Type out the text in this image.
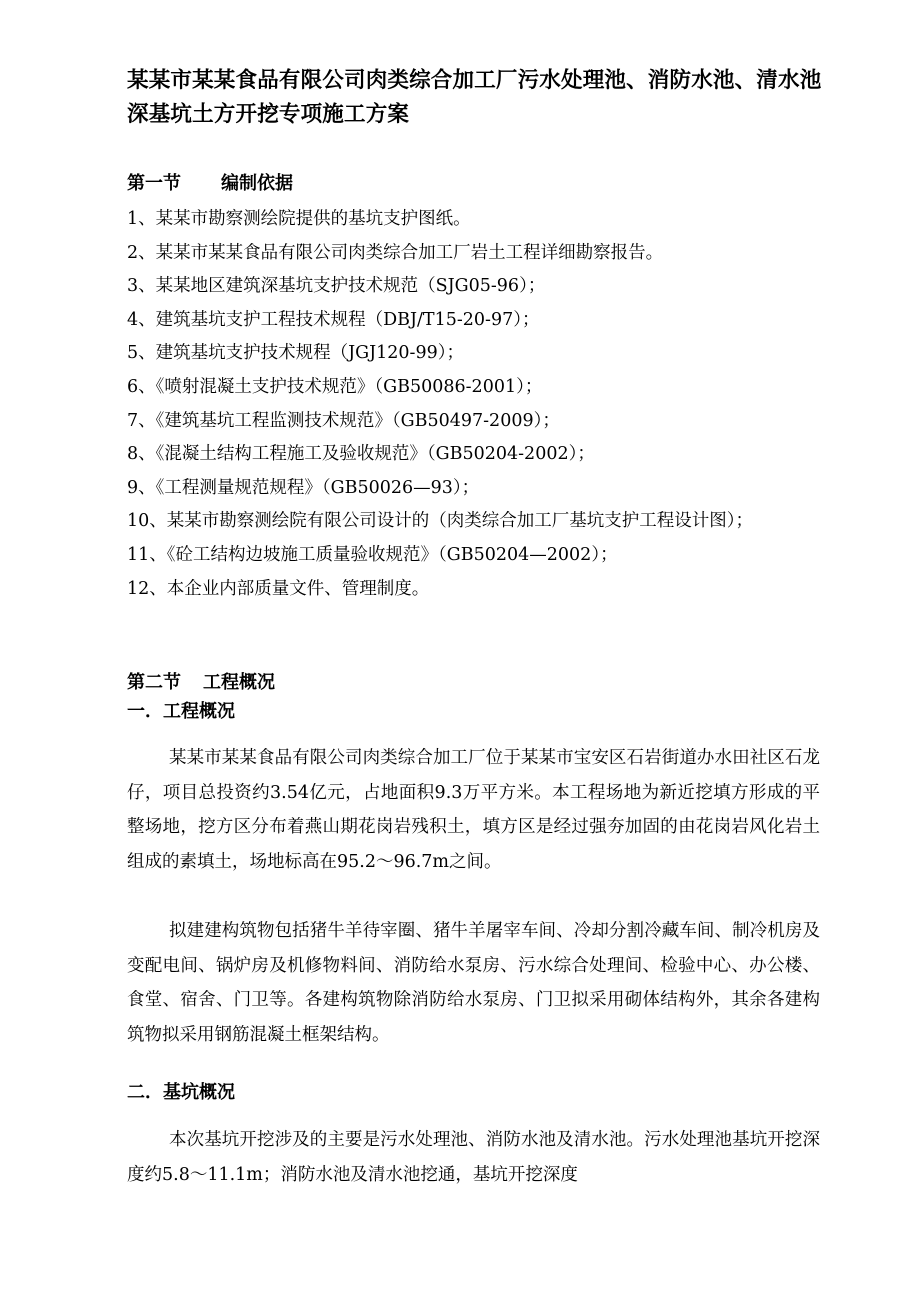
某某市某某食品有限公司肉类综合加工厂污水处理池、消防水池、清水池深基坑土方开挖专项施工方案
第一节 编制依据
1、某某市勘察测绘院提供的基坑支护图纸。
2、某某市某某食品有限公司肉类综合加工厂岩土工程详细勘察报告。
3、某某地区建筑深基坑支护技术规范（SJG05-96）；
4、建筑基坑支护工程技术规程（DBJ/T15-20-97）；
5、建筑基坑支护技术规程（JGJ120-99）；
6、《喷射混凝土支护技术规范》（GB50086-2001）；
7、《建筑基坑工程监测技术规范》（GB50497-2009）；
8、《混凝土结构工程施工及验收规范》（GB50204-2002）；
9、《工程测量规范规程》（GB50026—93）；
10、某某市勘察测绘院有限公司设计的（肉类综合加工厂基坑支护工程设计图）；
11、《砼工结构边坡施工质量验收规范》（GB50204—2002）；
12、本企业内部质量文件、管理制度。
第二节 工程概况
一．工程概况

某某市某某食品有限公司肉类综合加工厂位于某某市宝安区石岩街道办水田社区石龙仔，项目总投资约3.54亿元，占地面积9.3万平方米。本工程场地为新近挖填方形成的平整场地，挖方区分布着燕山期花岗岩残积土，填方区是经过强夯加固的由花岗岩风化岩土组成的素填土，场地标高在95.2～96.7m之间。

拟建建构筑物包括猪牛羊待宰圈、猪牛羊屠宰车间、冷却分割冷藏车间、制冷机房及变配电间、锅炉房及机修物料间、消防给水泵房、污水综合处理间、检验中心、办公楼、食堂、宿舍、门卫等。各建构筑物除消防给水泵房、门卫拟采用砌体结构外，其余各建构筑物拟采用钢筋混凝土框架结构。

二．基坑概况

本次基坑开挖涉及的主要是污水处理池、消防水池及清水池。污水处理池基坑开挖深度约5.8～11.1m；消防水池及清水池挖通，基坑开挖深度
